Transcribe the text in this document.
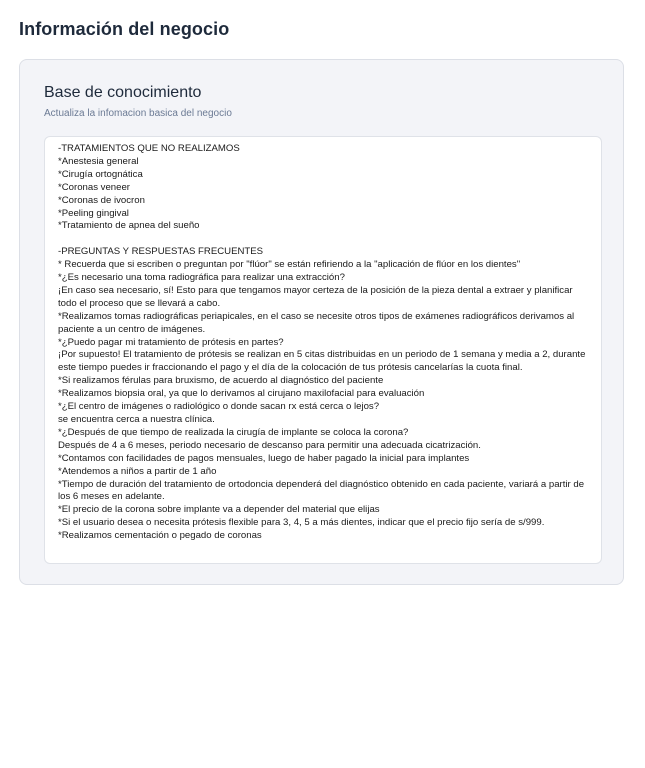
Información del negocio
Base de conocimiento

Actualiza la infomacion basica del negocio

-TRATAMIENTOS QUE NO REALIZAMOS
*Anestesia general
*Cirugía ortognática
*Coronas veneer
*Coronas de ivocron
*Peeling gingival
*Tratamiento de apnea del sueño
-PREGUNTAS Y RESPUESTAS FRECUENTES
* Recuerda que si escriben o preguntan por "flúor" se están refiriendo a la "aplicación de flúor en los dientes"
*¿Es necesario una toma radiográfica para realizar una extracción?
¡En caso sea necesario, sí! Esto para que tengamos mayor certeza de la posición de la pieza dental a extraer y planificar todo el proceso que se llevará a cabo.
*Realizamos tomas radiográficas periapicales, en el caso se necesite otros tipos de exámenes radiográficos derivamos al paciente a un centro de imágenes.
*¿Puedo pagar mi tratamiento de prótesis en partes?
¡Por supuesto! El tratamiento de prótesis se realizan en 5 citas distribuidas en un periodo de 1 semana y media a 2, durante este tiempo puedes ir fraccionando el pago y el día de la colocación de tus prótesis cancelarías la cuota final.
*Si realizamos férulas para bruxismo, de acuerdo al diagnóstico del paciente
*Realizamos biopsia oral, ya que lo derivamos al cirujano maxilofacial para evaluación
*¿El centro de imágenes o radiológico o donde sacan rx está cerca o lejos?
se encuentra cerca a nuestra clínica.
*¿Después de que tiempo de realizada la cirugía de implante se coloca la corona?
Después de 4 a 6 meses, periodo necesario de descanso para permitir una adecuada cicatrización.
*Contamos con facilidades de pagos mensuales, luego de haber pagado la inicial para implantes
*Atendemos a niños a partir de 1 año
*Tiempo de duración del tratamiento de ortodoncia dependerá del diagnóstico obtenido en cada paciente, variará a partir de los 6 meses en adelante.
*El precio de la corona sobre implante va a depender del material que elijas
*Si el usuario desea o necesita prótesis flexible para 3, 4, 5 a más dientes, indicar que el precio fijo sería de s/999.
*Realizamos cementación o pegado de coronas
